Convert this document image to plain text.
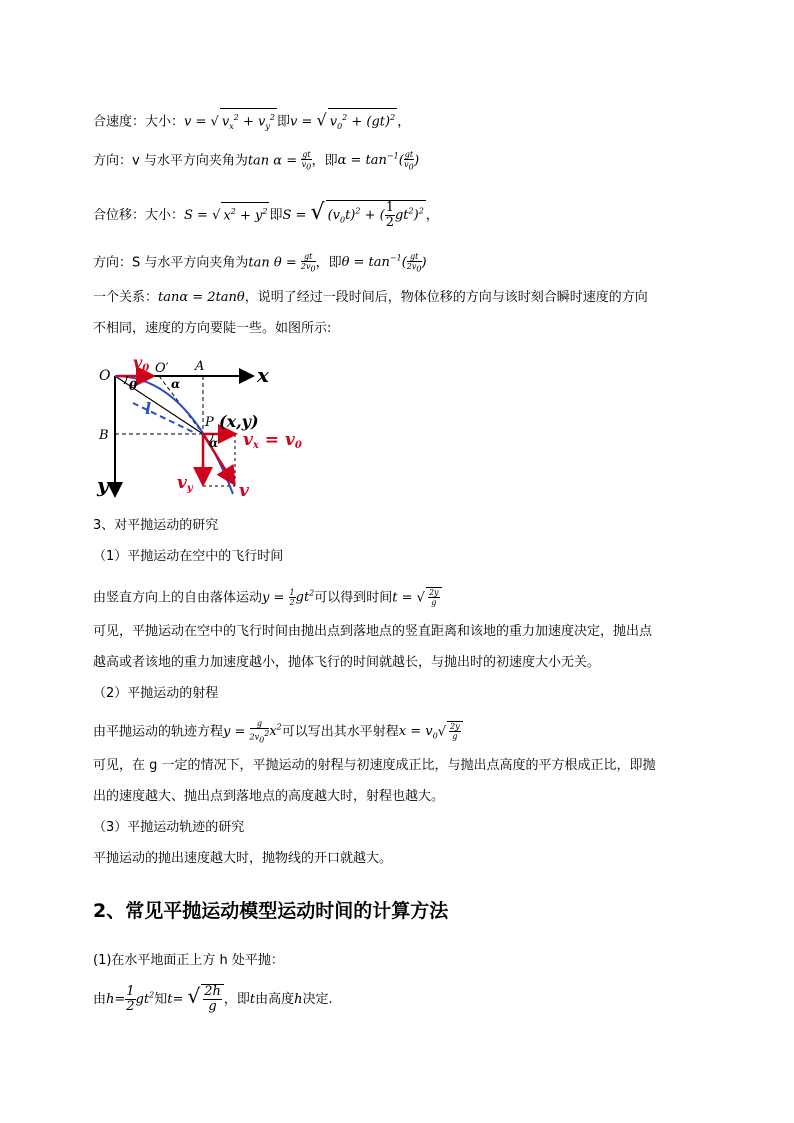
合速度：大小：v = √ $v_x^2 + v_y^2$ 即v = √ $v_0^2 + (gt)^2$ ，
方向：v 与水平方向夹角为$\tan \alpha = \frac{gt}{v_0}$ ，即$\alpha = \tan^{-1}( \frac{gt}{v_0}$ )
合位移：大小：S = √ $x^2 + y^2$ 即S = √ $(v_0t)^2$ + ( $\frac{1}{2} gt^2)^2$ ，
方向：S 与水平方向夹角为$\tan \theta = \frac{gt}{2v_0}$ ，即$\theta = \tan^{-1}( \frac{gt}{2v_0}$ )
一个关系：tanα = 2tanθ，说明了经过一段时间后，物体位移的方向与该时刻合瞬时速度的方向
不相同，速度的方向要陡一些。如图所示:
O
v0 O′ A	x
θ	α
l
P (x,y)
B	α vx = v0
y	vy	v
3、对平抛运动的研究
（1）平抛运动在空中的飞行时间
由竖直方向上的自由落体运动$y = \frac{1}{2} gt^2$可以得到时间t = √ $\frac{2y}{g}$
可见，平抛运动在空中的飞行时间由抛出点到落地点的竖直距离和该地的重力加速度决定，抛出点
越高或者该地的重力加速度越小，抛体飞行的时间就越长，与抛出时的初速度大小无关。
（2）平抛运动的射程
由平抛运动的轨迹方程$y = \frac{g}{2v_0^2} x^2$可以写出其水平射程$x = v_0√ \frac{2y}{g}$
可见，在 g 一定的情况下，平抛运动的射程与初速度成正比，与抛出点高度的平方根成正比，即抛
出的速度越大、抛出点到落地点的高度越大时，射程也越大。
（3）平抛运动轨迹的研究
平抛运动的抛出速度越大时，抛物线的开口就越大。
2、常见平抛运动模型运动时间的计算方法
(1)在水平地面正上方 h 处平抛：
由$h= \frac{1}{2} gt^2$知t= √ $\frac{2h}{g}$ ，即t由高度h决定.
